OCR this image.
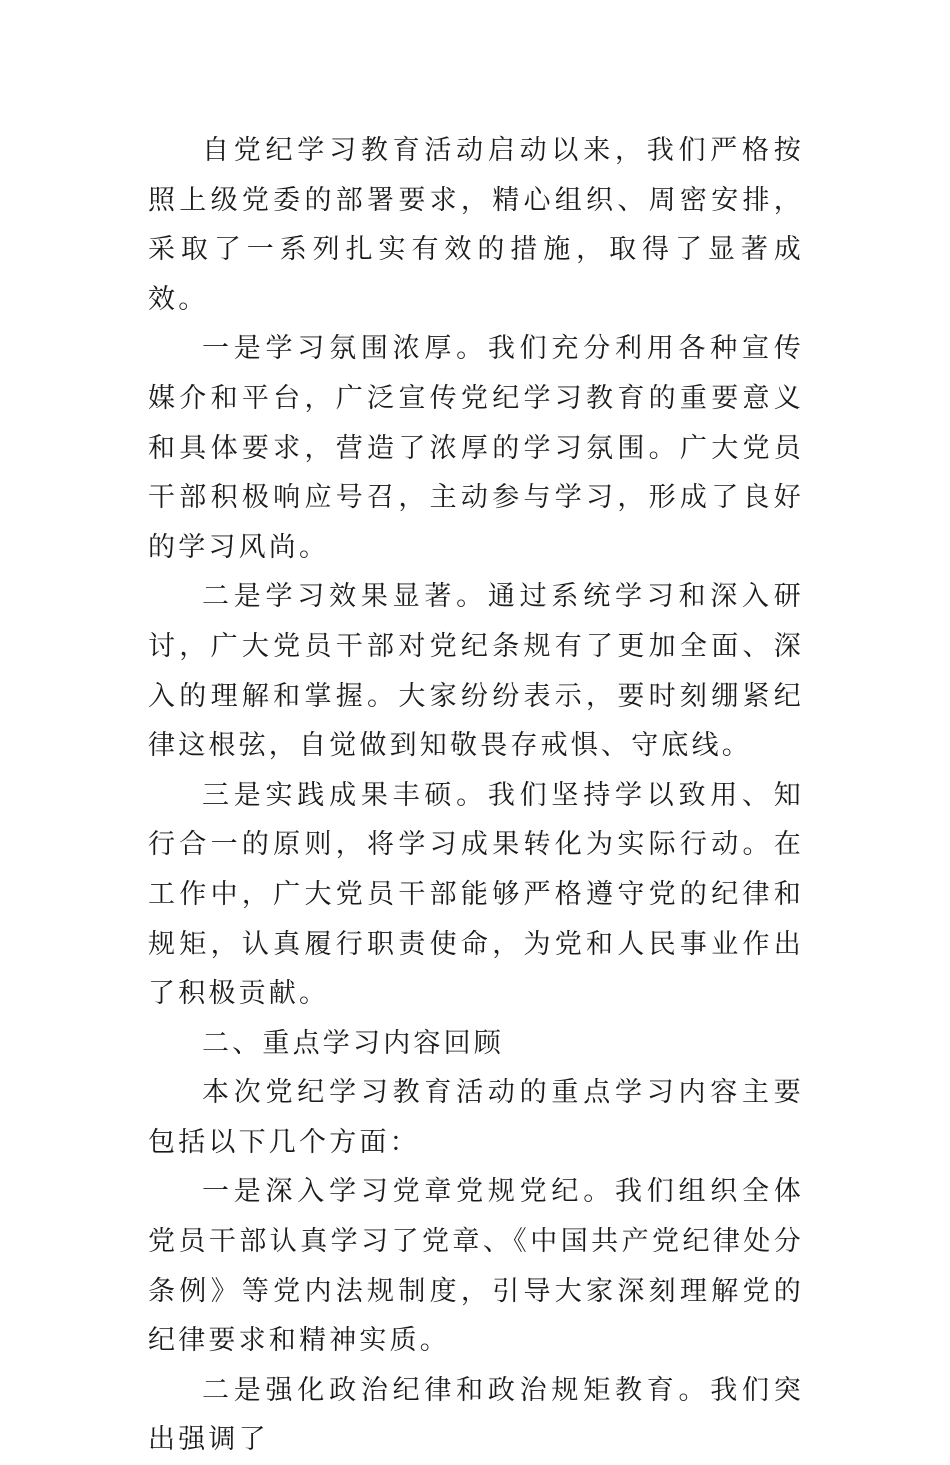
自党纪学习教育活动启动以来，我们严格按照上级党委的部署要求，精心组织、周密安排，采取了一系列扎实有效的措施，取得了显著成效。

一是学习氛围浓厚。我们充分利用各种宣传媒介和平台，广泛宣传党纪学习教育的重要意义和具体要求，营造了浓厚的学习氛围。广大党员干部积极响应号召，主动参与学习，形成了良好的学习风尚。

二是学习效果显著。通过系统学习和深入研讨，广大党员干部对党纪条规有了更加全面、深入的理解和掌握。大家纷纷表示，要时刻绷紧纪律这根弦，自觉做到知敬畏存戒惧、守底线。

三是实践成果丰硕。我们坚持学以致用、知行合一的原则，将学习成果转化为实际行动。在工作中，广大党员干部能够严格遵守党的纪律和规矩，认真履行职责使命，为党和人民事业作出了积极贡献。

二、重点学习内容回顾

本次党纪学习教育活动的重点学习内容主要包括以下几个方面：

一是深入学习党章党规党纪。我们组织全体党员干部认真学习了党章、《中国共产党纪律处分条例》等党内法规制度，引导大家深刻理解党的纪律要求和精神实质。

二是强化政治纪律和政治规矩教育。我们突出强调了
